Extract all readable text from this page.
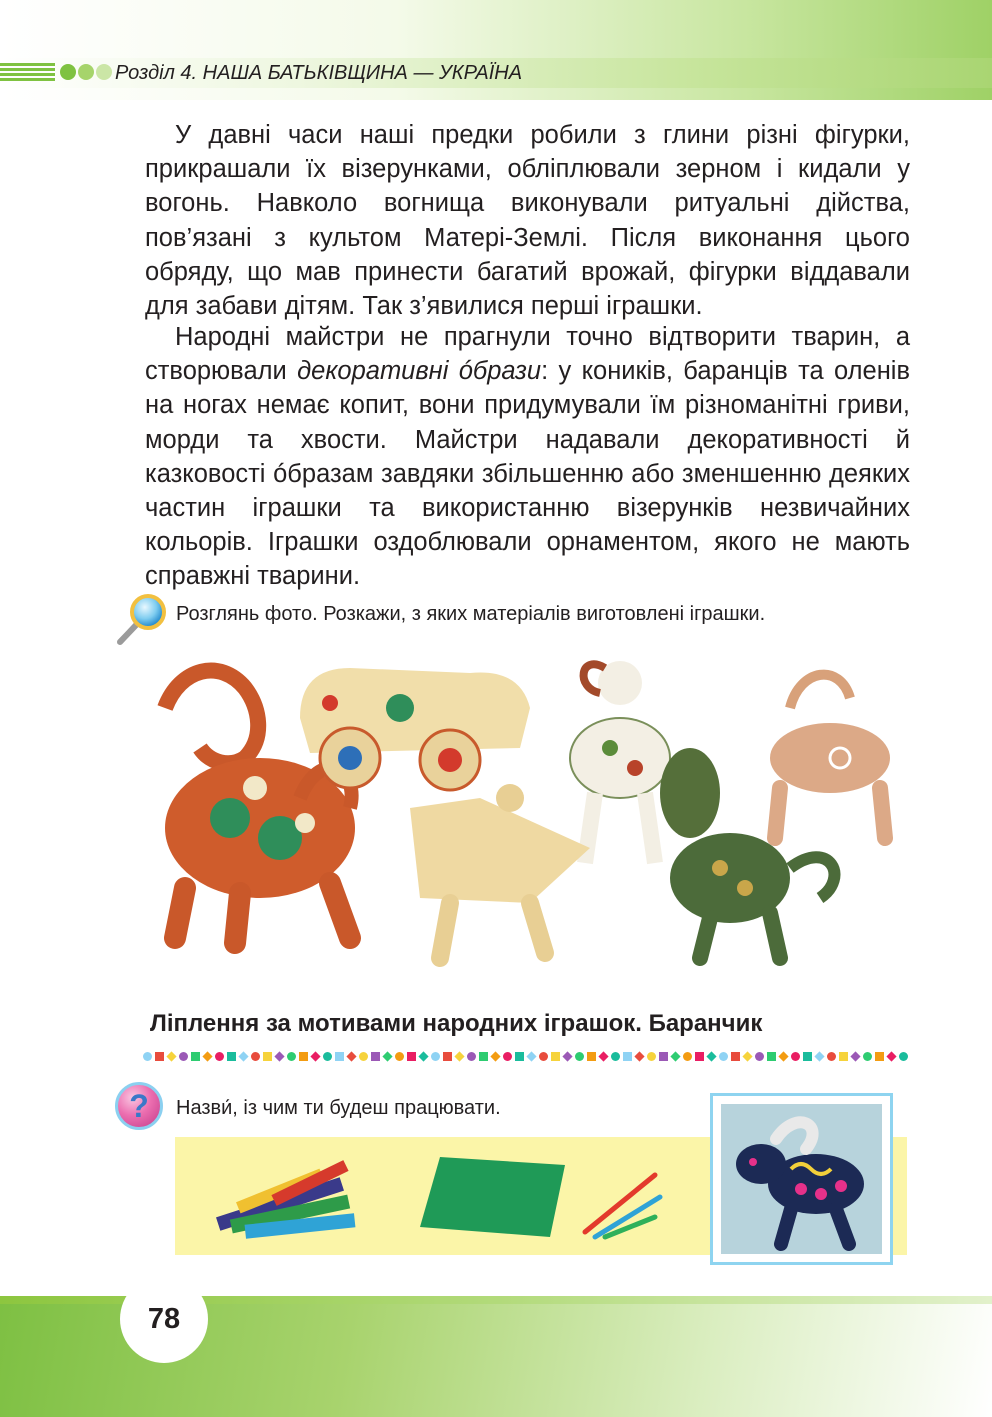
Розділ 4. НАША БАТЬКІВЩИНА — УКРАЇНА

У давні часи наші предки робили з глини різні фігурки, прикрашали їх візерунками, обліплювали зерном і кидали у вогонь. Навколо вогнища виконували ритуальні дійства, пов’язані з культом Матері-Землі. Після виконання цього обряду, що мав принести багатий врожай, фігурки віддавали для забави дітям. Так з’явилися перші іграшки.

Народні майстри не прагнули точно відтворити тварин, а створювали декоративні óбрази: у коників, баранців та оленів на ногах немає копит, вони придумували їм різноманітні гриви, морди та хвости. Майстри надавали декоративності й казковості óбразам завдяки збільшенню або зменшенню деяких частин іграшки та використанню візерунків незвичайних кольорів. Іграшки оздоблювали орнаментом, якого не мають справжні тварини.

Розглянь фото. Розкажи, з яких матеріалів виготовлені іграшки.
Ліплення за мотивами народних іграшок. Баранчик
?	Назви́, із чим ти будеш працювати.
78
